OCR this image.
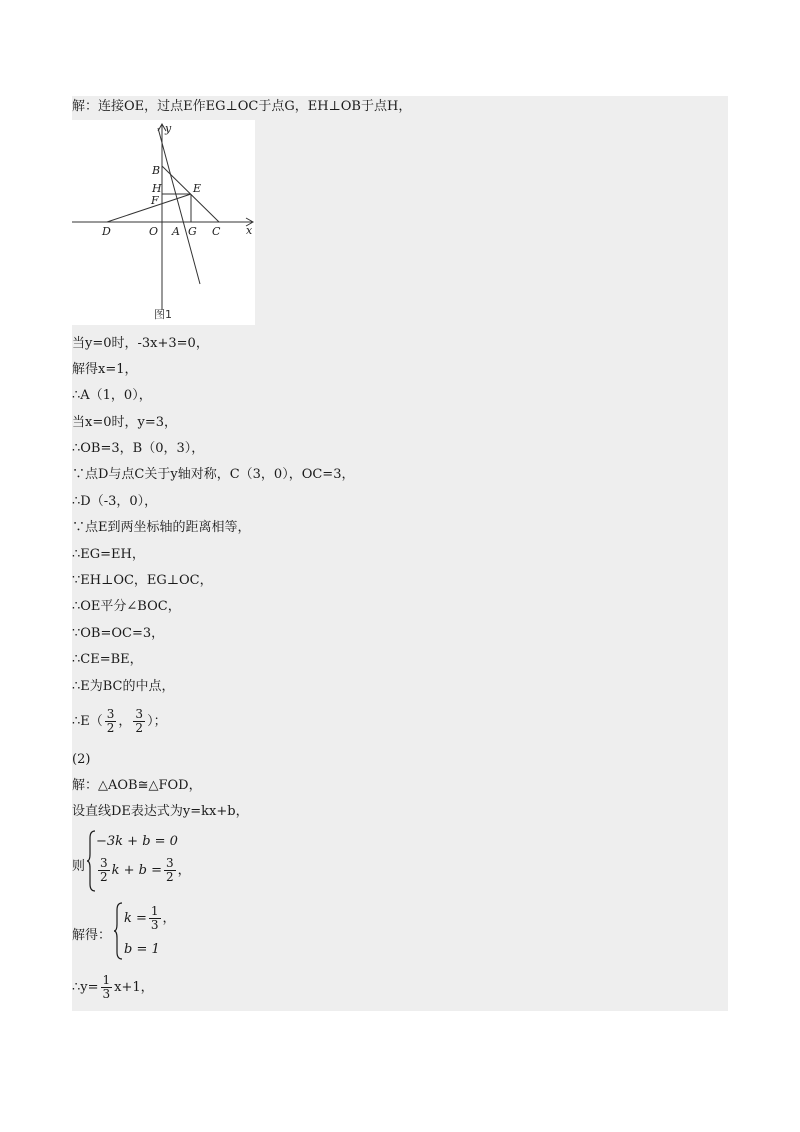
解：连接OE，过点E作EG⊥OC于点G，EH⊥OB于点H，
y
x
B
H	E
F
D	O A G C
图1
当y=0时，-3x+3=0，
解得x=1，
∴A（1，0），
当x=0时，y=3，
∴OB=3，B（0，3），
∵点D与点C关于y轴对称，C（3，0），OC=3，
∴D（-3，0），
∵点E到两坐标轴的距离相等，
∴EG=EH，
∵EH⊥OC，EG⊥OC，
∴OE平分∠BOC，
∵OB=OC=3，
∴CE=BE，
∴E为BC的中点，
∴E（ $\frac{3}{2}$ ， $\frac{3}{2}$ ）；
(2)
解：△AOB≅△FOD，
设直线DE表达式为y=kx+b，
则
−3k + b = 0
$\frac{3}{2}$ $k + b = \frac{3}{2}$ ，
解得：
$k = \frac{1}{3}$ ，
b = 1
∴y= $\frac{1}{3} x+1$，
